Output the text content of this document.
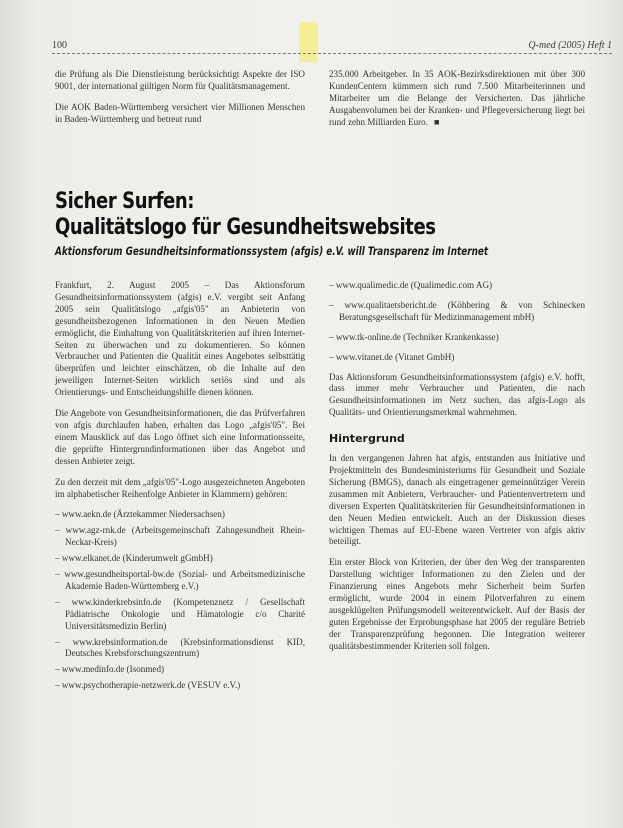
100	Q-med (2005) Heft 1

die Prüfung als Die Dienstleistung berücksichtigt Aspekte der ISO 9001, der international gültigen Norm für Qualitätsmanagement.

Die AOK Baden-Württemberg versichert vier Millionen Menschen in Baden-Württemberg und betreut rund

235.000 Arbeitgeber. In 35 AOK-Bezirksdirektionen mit über 300 KundenCentern kümmern sich rund 7.500 Mitarbeiterinnen und Mitarbeiter um die Belange der Versicherten. Das jährliche Ausgabenvolumen bei der Kranken- und Pflegeversicherung liegt bei rund zehn Milliarden Euro. ■

Sicher Surfen:
Qualitätslogo für Gesundheitswebsites
Aktionsforum Gesundheitsinformationssystem (afgis) e.V. will Transparenz im Internet

Frankfurt, 2. August 2005 – Das Aktionsforum Gesundheitsinformationssystem (afgis) e.V. vergibt seit Anfang 2005 sein Qualitätslogo „afgis'05" an Anbieterin von gesundheitsbezogenen Informationen in den Neuen Medien ermöglicht, die Einhaltung von Qualitätskriterien auf ihren Internet-Seiten zu überwachen und zu dokumentieren. So können Verbraucher und Patienten die Qualität eines Angebotes selbsttätig überprüfen und leichter einschätzen, ob die Inhalte auf den jeweiligen Internet-Seiten wirklich seriös sind und als Orientierungs- und Entscheidungshilfe dienen können.

Die Angebote von Gesundheitsinformationen, die das Prüfverfahren von afgis durchlaufen haben, erhalten das Logo „afgis'05". Bei einem Mausklick auf das Logo öffnet sich eine Informationsseite, die geprüfte Hintergrundinformationen über das Angebot und dessen Anbieter zeigt.

Zu den derzeit mit dem „afgis'05"-Logo ausgezeichneten Angeboten im alphabetischer Reihenfolge Anbieter in Klammern) gehören:

– www.aekn.de (Ärztekammer Niedersachsen)
– www.agz-rnk.de (Arbeitsgemeinschaft Zahngesundheit Rhein-Neckar-Kreis)
– www.elkanet.de (Kinderumwelt gGmbH)
– www.gesundheitsportal-bw.de (Sozial- und Arbeitsmedizinische Akademie Baden-Württemberg e.V.)
– www.kinderkrebsinfo.de (Kompetenznetz / Gesellschaft Pädiatrische Onkologie und Hämatologie c/o Charité Universitätsmedizin Berlin)
– www.krebsinformation.de (Krebsinformationsdienst KID, Deutsches Krebsforschungszentrum)
– www.medinfo.de (Isonmed)
– www.psychotherapie-netzwerk.de (VESUV e.V.)
– www.qualimedic.de (Qualimedic.com AG)
– www.qualitaetsbericht.de (Köhbering & von Schinecken Beratungsgesellschaft für Medizinmanagement mbH)
– www.tk-online.de (Techniker Krankenkasse)
– www.vitanet.de (Vitanet GmbH)

Das Aktionsforum Gesundheitsinformationssystem (afgis) e.V. hofft, dass immer mehr Verbraucher und Patienten, die nach Gesundheitsinformationen im Netz suchen, das afgis-Logo als Qualitäts- und Orientierungsmerkmal wahrnehmen.

Hintergrund

In den vergangenen Jahren hat afgis, entstanden aus Initiative und Projektmitteln des Bundesministeriums für Gesundheit und Soziale Sicherung (BMGS), danach als eingetragener gemeinnütziger Verein zusammen mit Anbietern, Verbraucher- und Patientenvertretern und diversen Experten Qualitätskriterien für Gesundheitsinformationen in den Neuen Medien entwickelt. Auch an der Diskussion dieses wichtigen Themas auf EU-Ebene waren Vertreter von afgis aktiv beteiligt.

Ein erster Block von Kriterien, der über den Weg der transparenten Darstellung wichtiger Informationen zu den Zielen und der Finanzierung eines Angebots mehr Sicherheit beim Surfen ermöglicht, wurde 2004 in einem Pilotverfahren zu einem ausgeklügelten Prüfungsmodell weiterentwickelt. Auf der Basis der guten Ergebnisse der Erprobungsphase hat 2005 der reguläre Betrieb der Transparenzprüfung begonnen. Die Integration weiterer qualitätsbestimmender Kriterien soll folgen.
